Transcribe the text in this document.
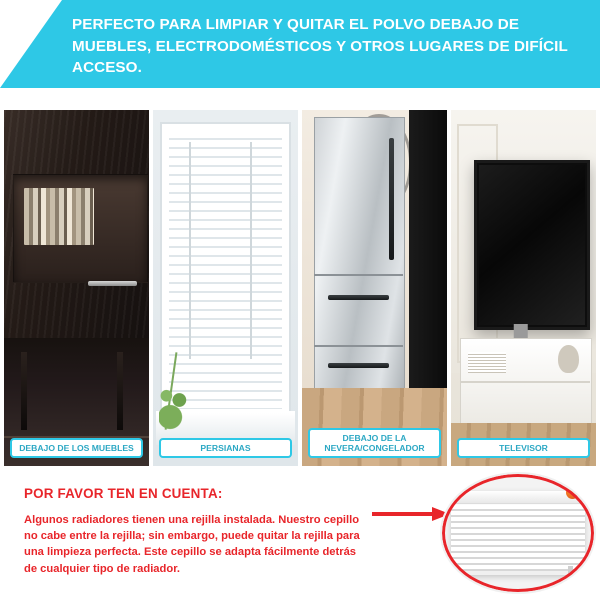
PERFECTO PARA LIMPIAR Y QUITAR EL POLVO DEBAJO DE MUEBLES, ELECTRODOMÉSTICOS Y OTROS LUGARES DE DIFÍCIL ACCESO.
DEBAJO DE LOS MUEBLES	PERSIANAS
DEBAJO DE LA NEVERA/CONGELADOR	TELEVISOR
POR FAVOR TEN EN CUENTA:
Algunos radiadores tienen una rejilla instalada. Nuestro cepillo no cabe entre la rejilla; sin embargo, puede quitar la rejilla para una limpieza perfecta. Este cepillo se adapta fácilmente detrás de cualquier tipo de radiador.
